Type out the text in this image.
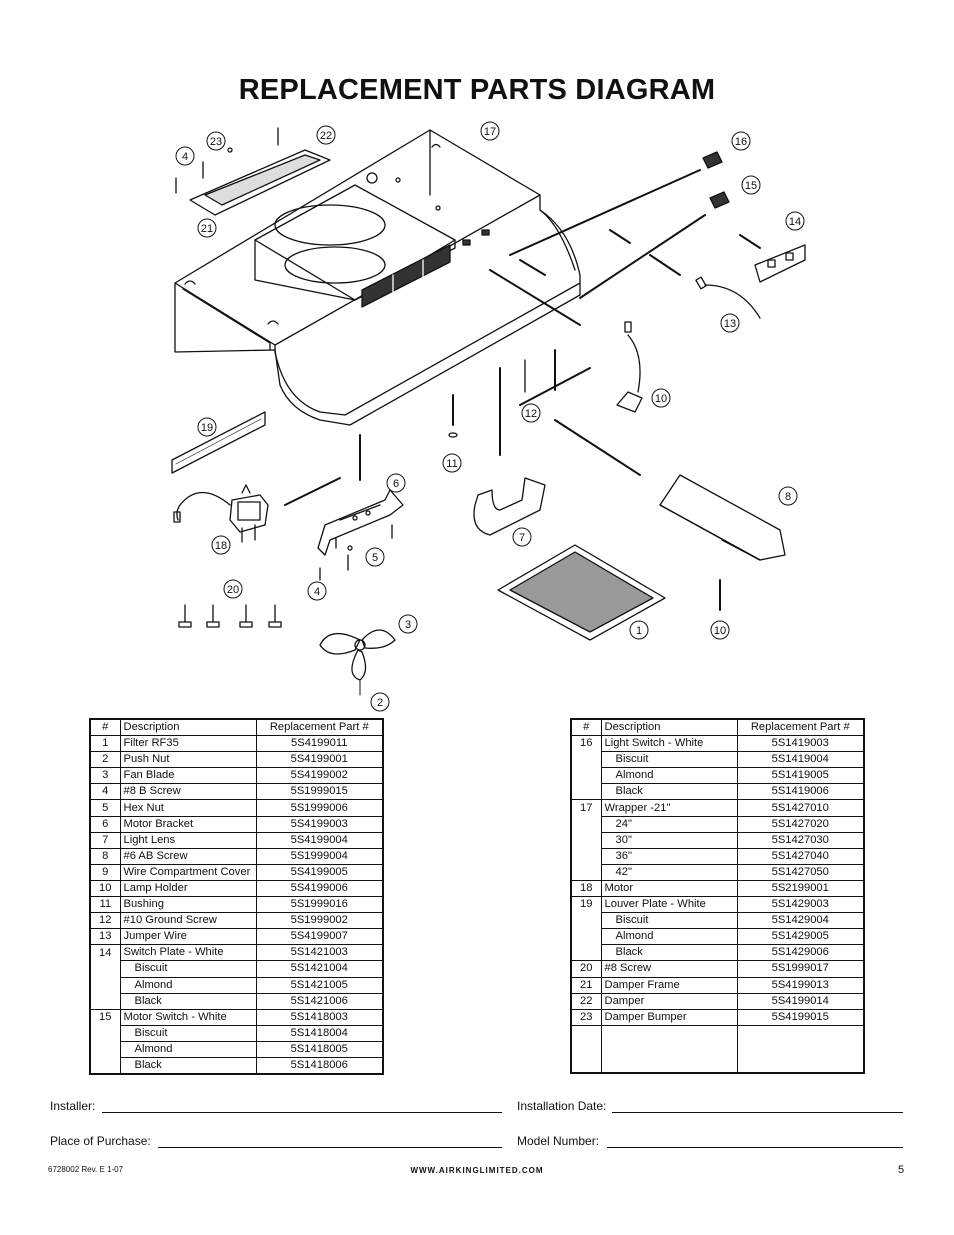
REPLACEMENT PARTS DIAGRAM
17
16
15
14
13
10
12
11
8
7
1	10
23	22
4
21
19
6
18
5
20	4
3
2
#	Description	Replacement Part #
1	Filter RF35	5S4199011
2	Push Nut	5S4199001
3	Fan Blade	5S4199002
4	#8 B Screw	5S1999015
5	Hex Nut	5S1999006
6	Motor Bracket	5S4199003
7	Light Lens	5S4199004
8	#6 AB Screw	5S1999004
9	Wire Compartment Cover	5S4199005
10	Lamp Holder	5S4199006
11	Bushing	5S1999016
12	#10 Ground Screw	5S1999002
13	Jumper Wire	5S4199007
14	Switch Plate - White	5S1421003
	Biscuit	5S1421004
	Almond	5S1421005
	Black	5S1421006
15	Motor Switch - White	5S1418003
	Biscuit	5S1418004
	Almond	5S1418005
	Black	5S1418006
#	Description	Replacement Part #
16	Light Switch - White	5S1419003
	Biscuit	5S1419004
	Almond	5S1419005
	Black	5S1419006
17	Wrapper -21"	5S1427010
	24"	5S1427020
	30"	5S1427030
	36"	5S1427040
	42"	5S1427050
18	Motor	5S2199001
19	Louver Plate - White	5S1429003
	Biscuit	5S1429004
	Almond	5S1429005
	Black	5S1429006
20	#8 Screw	5S1999017
21	Damper Frame	5S4199013
22	Damper	5S4199014
23	Damper Bumper	5S4199015

Installer:	Installation Date:
Place of Purchase:	Model Number:
6728002 Rev. E 1-07	WWW.AIRKINGLIMITED.COM	5
